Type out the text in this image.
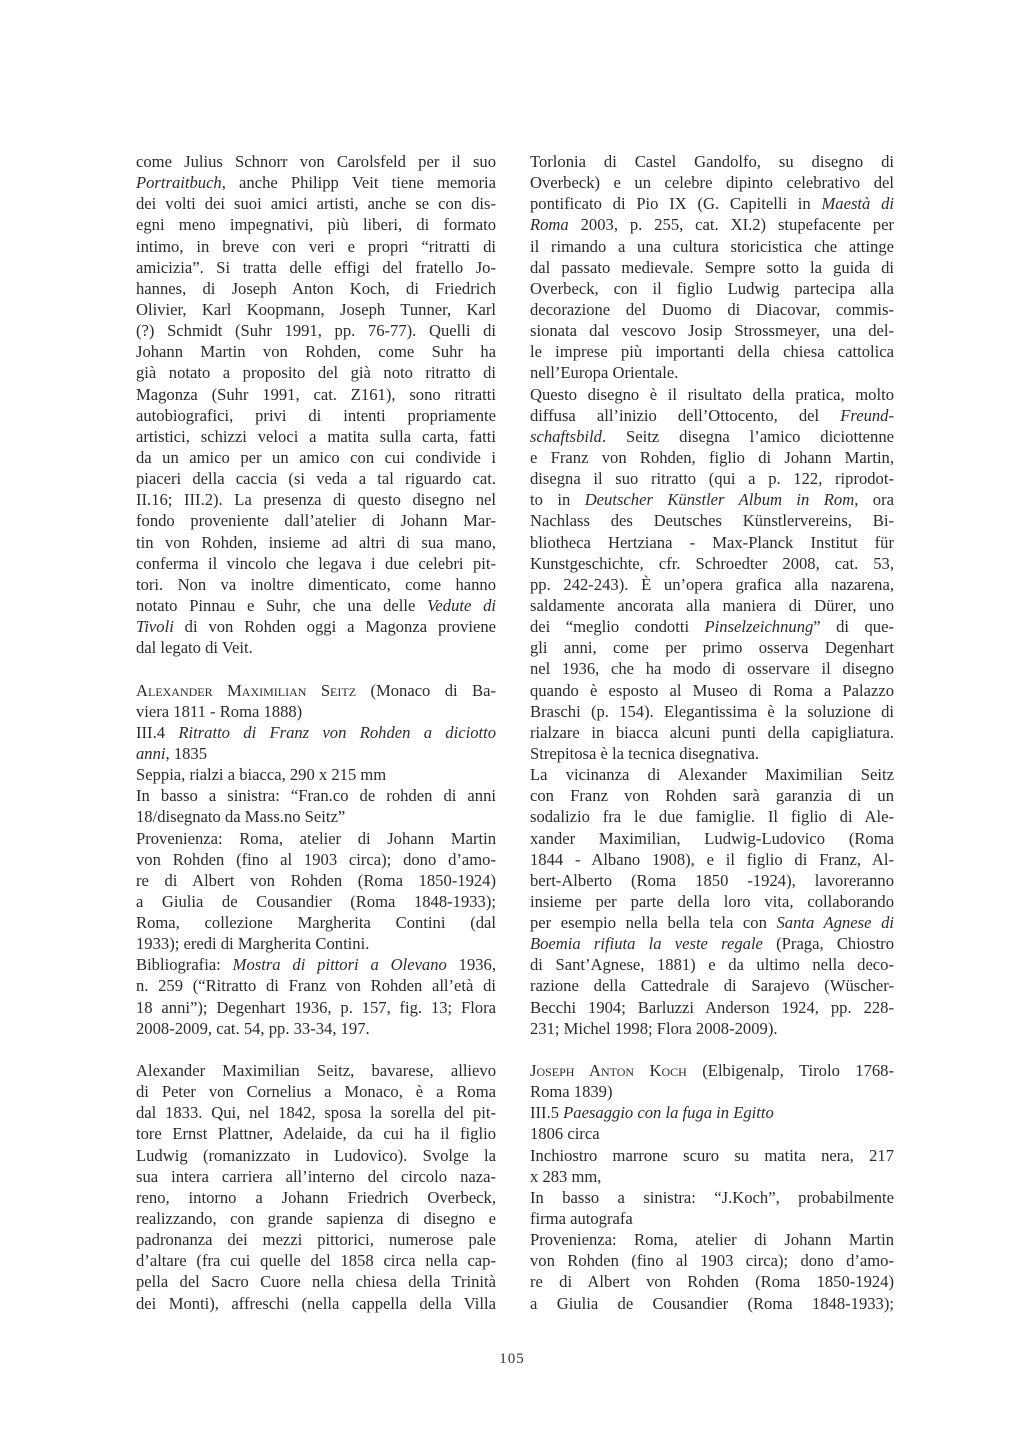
come Julius Schnorr von Carolsfeld per il suo
Portraitbuch, anche Philipp Veit tiene memoria
dei volti dei suoi amici artisti, anche se con dis-
egni meno impegnativi, più liberi, di formato
intimo, in breve con veri e propri “ritratti di
amicizia”. Si tratta delle effigi del fratello Jo-
hannes, di Joseph Anton Koch, di Friedrich
Olivier, Karl Koopmann, Joseph Tunner, Karl
(?) Schmidt (Suhr 1991, pp. 76-77). Quelli di
Johann Martin von Rohden, come Suhr ha
già notato a proposito del già noto ritratto di
Magonza (Suhr 1991, cat. Z161), sono ritratti
autobiografici, privi di intenti propriamente
artistici, schizzi veloci a matita sulla carta, fatti
da un amico per un amico con cui condivide i
piaceri della caccia (si veda a tal riguardo cat.
II.16; III.2). La presenza di questo disegno nel
fondo proveniente dall’atelier di Johann Mar-
tin von Rohden, insieme ad altri di sua mano,
conferma il vincolo che legava i due celebri pit-
tori. Non va inoltre dimenticato, come hanno
notato Pinnau e Suhr, che una delle Vedute di
Tivoli di von Rohden oggi a Magonza proviene
dal legato di Veit.
Alexander Maximilian Seitz (Monaco di Ba-
viera 1811 - Roma 1888)
III.4 Ritratto di Franz von Rohden a diciotto
anni, 1835
Seppia, rialzi a biacca, 290 x 215 mm
In basso a sinistra: “Fran.co de rohden di anni
18/disegnato da Mass.no Seitz”
Provenienza: Roma, atelier di Johann Martin
von Rohden (fino al 1903 circa); dono d’amo-
re di Albert von Rohden (Roma 1850-1924)
a Giulia de Cousandier (Roma 1848-1933);
Roma, collezione Margherita Contini (dal
1933); eredi di Margherita Contini.
Bibliografia: Mostra di pittori a Olevano 1936,
n. 259 (“Ritratto di Franz von Rohden all’età di
18 anni”); Degenhart 1936, p. 157, fig. 13; Flora
2008-2009, cat. 54, pp. 33-34, 197.
Alexander Maximilian Seitz, bavarese, allievo
di Peter von Cornelius a Monaco, è a Roma
dal 1833. Qui, nel 1842, sposa la sorella del pit-
tore Ernst Plattner, Adelaide, da cui ha il figlio
Ludwig (romanizzato in Ludovico). Svolge la
sua intera carriera all’interno del circolo naza-
reno, intorno a Johann Friedrich Overbeck,
realizzando, con grande sapienza di disegno e
padronanza dei mezzi pittorici, numerose pale
d’altare (fra cui quelle del 1858 circa nella cap-
pella del Sacro Cuore nella chiesa della Trinità
dei Monti), affreschi (nella cappella della Villa
Torlonia di Castel Gandolfo, su disegno di
Overbeck) e un celebre dipinto celebrativo del
pontificato di Pio IX (G. Capitelli in Maestà di
Roma 2003, p. 255, cat. XI.2) stupefacente per
il rimando a una cultura storicistica che attinge
dal passato medievale. Sempre sotto la guida di
Overbeck, con il figlio Ludwig partecipa alla
decorazione del Duomo di Diacovar, commis-
sionata dal vescovo Josip Strossmeyer, una del-
le imprese più importanti della chiesa cattolica
nell’Europa Orientale.
Questo disegno è il risultato della pratica, molto
diffusa all’inizio dell’Ottocento, del Freund-
schaftsbild. Seitz disegna l’amico diciottenne
e Franz von Rohden, figlio di Johann Martin,
disegna il suo ritratto (qui a p. 122, riprodot-
to in Deutscher Künstler Album in Rom, ora
Nachlass des Deutsches Künstlervereins, Bi-
bliotheca Hertziana - Max-Planck Institut für
Kunstgeschichte, cfr. Schroedter 2008, cat. 53,
pp. 242-243). È un’opera grafica alla nazarena,
saldamente ancorata alla maniera di Dürer, uno
dei “meglio condotti Pinselzeichnung” di que-
gli anni, come per primo osserva Degenhart
nel 1936, che ha modo di osservare il disegno
quando è esposto al Museo di Roma a Palazzo
Braschi (p. 154). Elegantissima è la soluzione di
rialzare in biacca alcuni punti della capigliatura.
Strepitosa è la tecnica disegnativa.
La vicinanza di Alexander Maximilian Seitz
con Franz von Rohden sarà garanzia di un
sodalizio fra le due famiglie. Il figlio di Ale-
xander Maximilian, Ludwig-Ludovico (Roma
1844 - Albano 1908), e il figlio di Franz, Al-
bert-Alberto (Roma 1850 -1924), lavoreranno
insieme per parte della loro vita, collaborando
per esempio nella bella tela con Santa Agnese di
Boemia rifiuta la veste regale (Praga, Chiostro
di Sant’Agnese, 1881) e da ultimo nella deco-
razione della Cattedrale di Sarajevo (Wüscher-
Becchi 1904; Barluzzi Anderson 1924, pp. 228-
231; Michel 1998; Flora 2008-2009).
Joseph Anton Koch (Elbigenalp, Tirolo 1768-
Roma 1839)
III.5 Paesaggio con la fuga in Egitto
1806 circa
Inchiostro marrone scuro su matita nera, 217
x 283 mm,
In basso a sinistra: “J.Koch”, probabilmente
firma autografa
Provenienza: Roma, atelier di Johann Martin
von Rohden (fino al 1903 circa); dono d’amo-
re di Albert von Rohden (Roma 1850-1924)
a Giulia de Cousandier (Roma 1848-1933);
105
